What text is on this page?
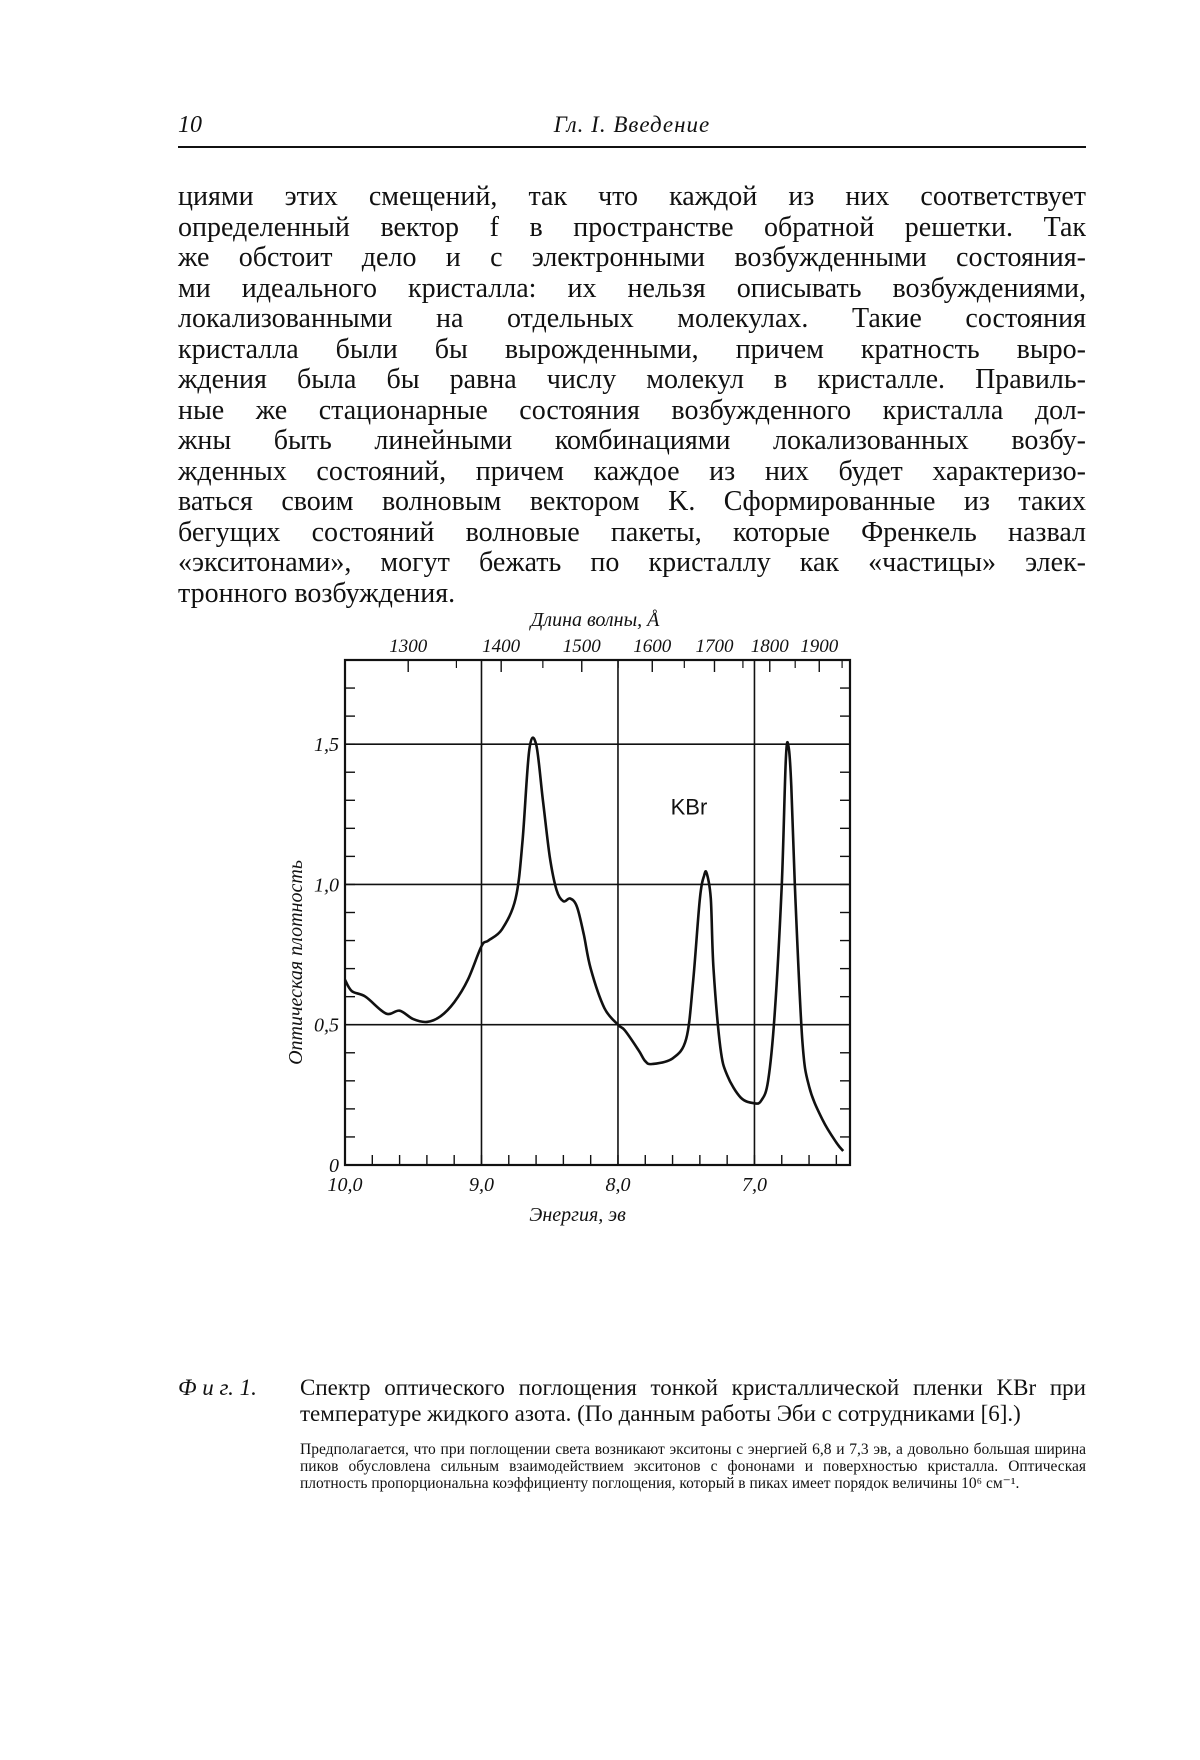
10	Гл. I. Введение
циями этих смещений, так что каждой из них соответствует
определенный вектор f в пространстве обратной решетки. Так
же обстоит дело и с электронными возбужденными состояния-
ми идеального кристалла: их нельзя описывать возбуждениями,
локализованными на отдельных молекулах. Такие состояния
кристалла были бы вырожденными, причем кратность выро-
ждения была бы равна числу молекул в кристалле. Правиль-
ные же стационарные состояния возбужденного кристалла дол-
жны быть линейными комбинациями локализованных возбу-
жденных состояний, причем каждое из них будет характеризо-
ваться своим волновым вектором K. Сформированные из таких
бегущих состояний волновые пакеты, которые Френкель назвал
«экситонами», могут бежать по кристаллу как «частицы» элек-
тронного возбуждения.
1300	1400 1500 1600 1700 1800 1900
0
0,5
1,0
1,5
10,0	9,0	8,0	7,0
Энергия, эв
Длина волны, Å
Оптическая плотность
KBr
Ф и г. 1. Спектр оптического поглощения тонкой кристаллической пленки KBr при температуре жидкого азота. (По данным работы Эби с сотрудниками [6].)
Предполагается, что при поглощении света возникают экситоны с энергией 6,8 и 7,3 эв, а довольно большая ширина пиков обусловлена сильным взаимодействием экситонов с фононами и поверхностью кристалла. Оптическая плотность пропорциональна коэффициенту поглощения, который в пиках имеет порядок величины 10⁶ см⁻¹.
